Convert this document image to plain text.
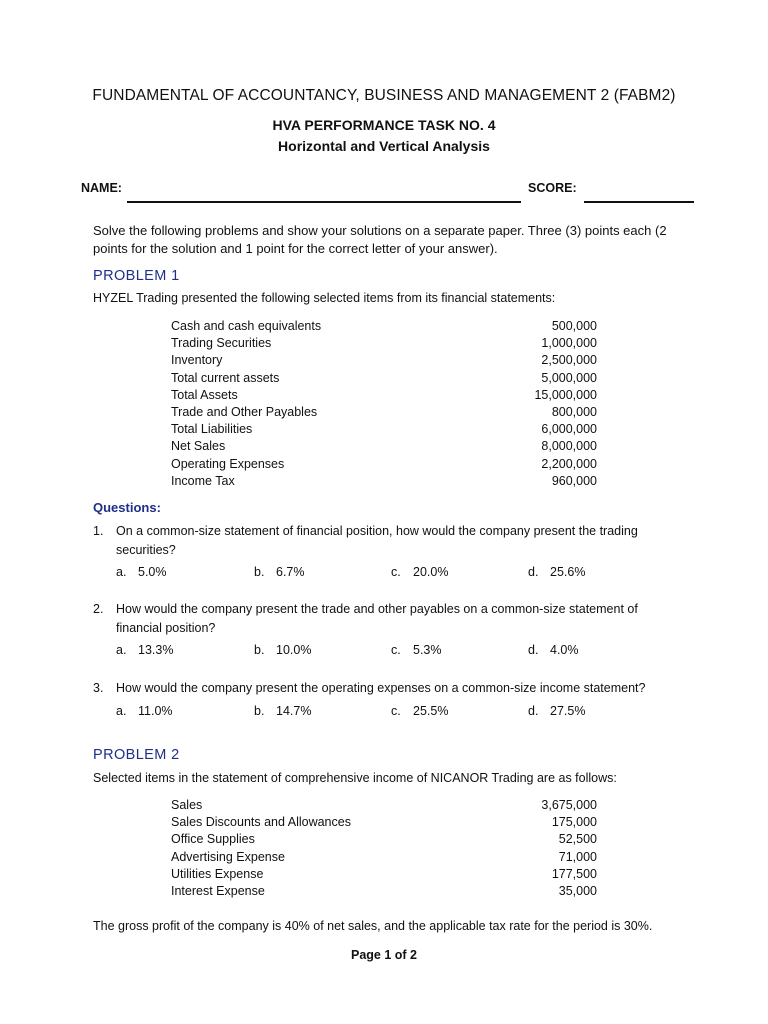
FUNDAMENTAL OF ACCOUNTANCY, BUSINESS AND MANAGEMENT 2 (FABM2)
HVA PERFORMANCE TASK NO. 4
Horizontal and Vertical Analysis
NAME:	SCORE:
Solve the following problems and show your solutions on a separate paper. Three (3) points each (2 points for the solution and 1 point for the correct letter of your answer).
PROBLEM 1
HYZEL Trading presented the following selected items from its financial statements:
Cash and cash equivalents	500,000
Trading Securities	1,000,000
Inventory	2,500,000
Total current assets	5,000,000
Total Assets	15,000,000
Trade and Other Payables	800,000
Total Liabilities	6,000,000
Net Sales	8,000,000
Operating Expenses	2,200,000
Income Tax	960,000
Questions:
1.	On a common-size statement of financial position, how would the company present the trading securities?
a. 5.0%	b. 6.7%	c. 20.0%	d. 25.6%
2.	How would the company present the trade and other payables on a common-size statement of financial position?
a. 13.3%	b. 10.0%	c. 5.3%	d. 4.0%
3.	How would the company present the operating expenses on a common-size income statement?
a. 11.0%	b. 14.7%	c. 25.5%	d. 27.5%
PROBLEM 2
Selected items in the statement of comprehensive income of NICANOR Trading are as follows:
Sales	3,675,000
Sales Discounts and Allowances	175,000
Office Supplies	52,500
Advertising Expense	71,000
Utilities Expense	177,500
Interest Expense	35,000
The gross profit of the company is 40% of net sales, and the applicable tax rate for the period is 30%.
Page 1 of 2
